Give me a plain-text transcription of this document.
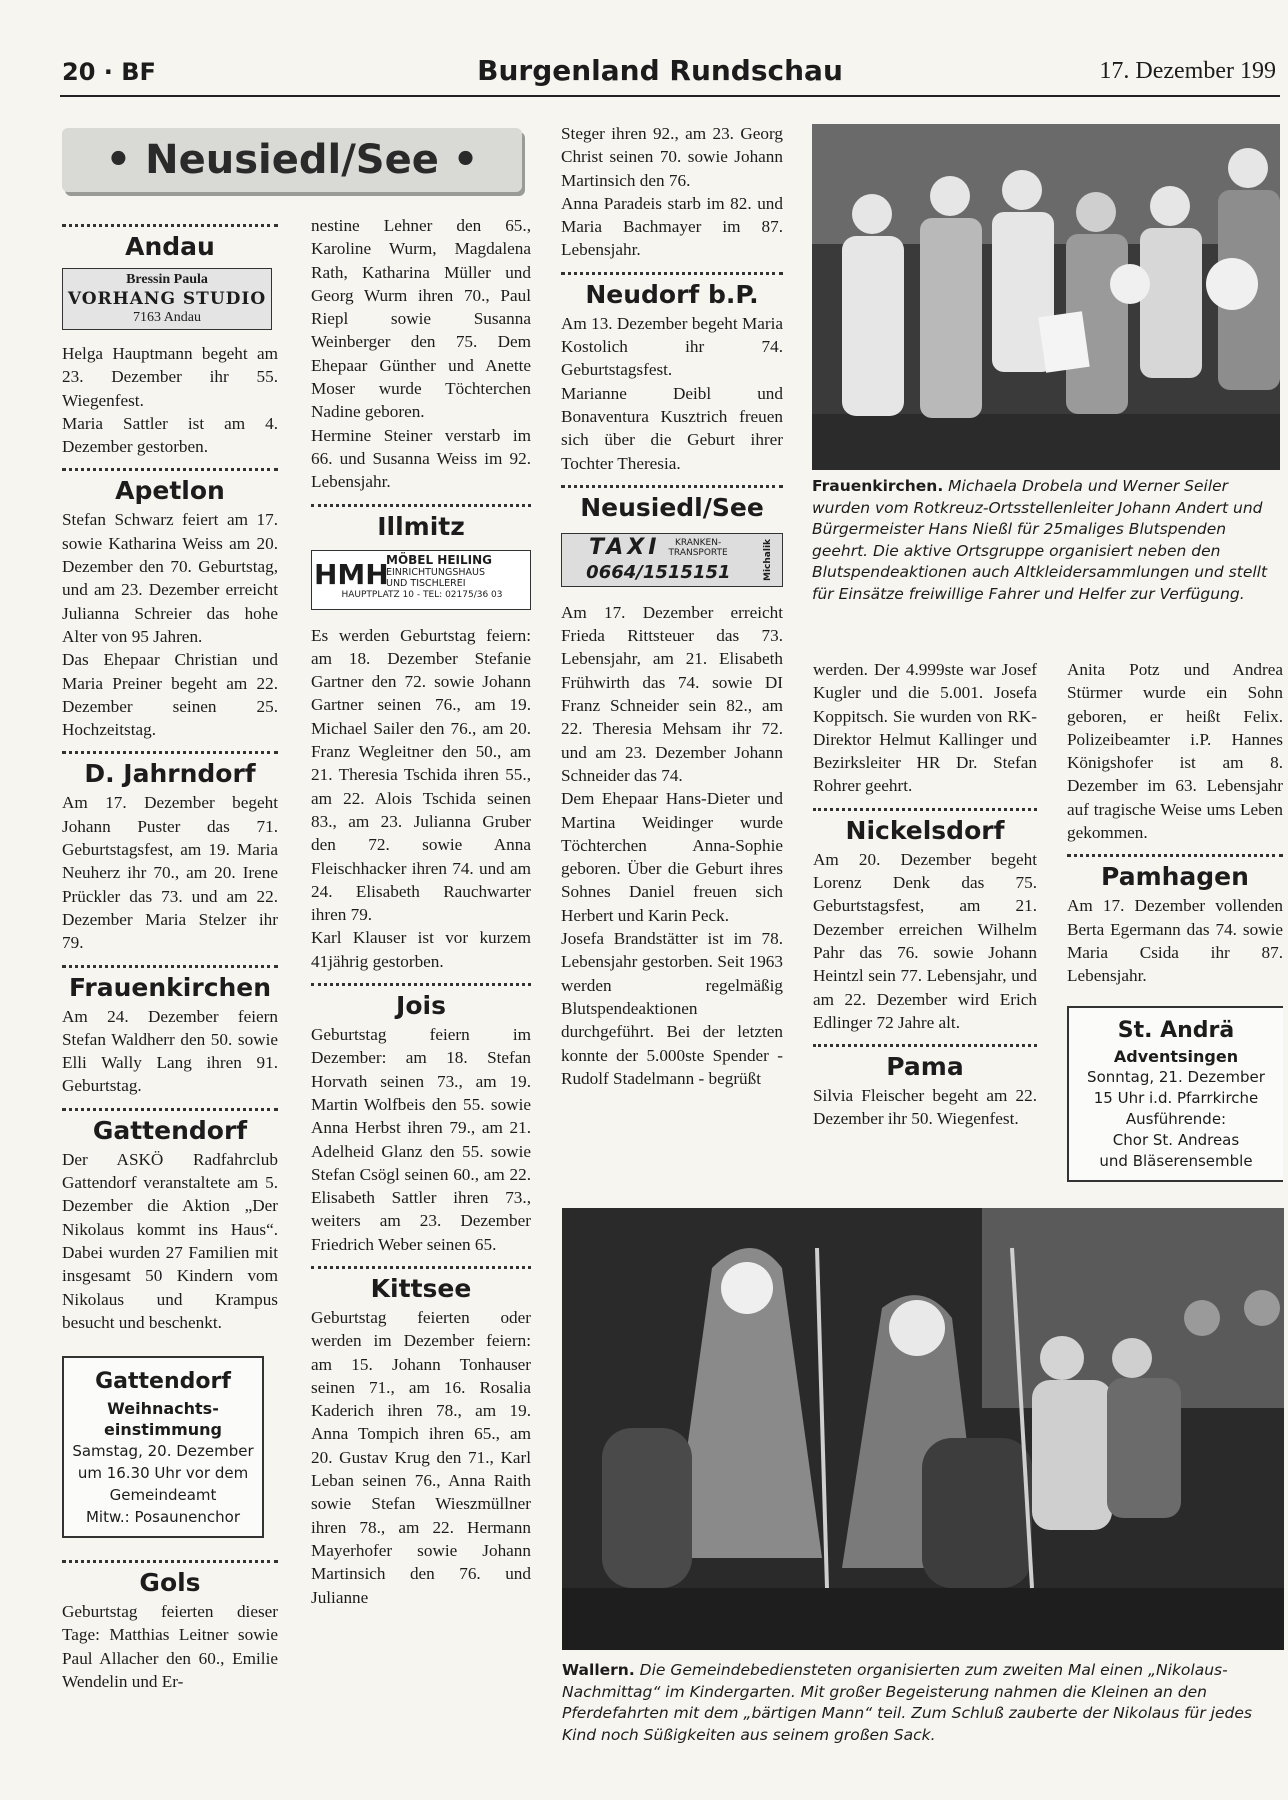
20 · BF	Burgenland Rundschau	17. Dezember 199
• Neusiedl/See •
Andau
Bressin Paula
VORHANG STUDIO
7163 Andau

Helga Hauptmann begeht am 23. Dezember ihr 55. Wiegenfest.

Maria Sattler ist am 4. Dezember gestorben.

Apetlon

Stefan Schwarz feiert am 17. sowie Katharina Weiss am 20. Dezember den 70. Geburtstag, und am 23. Dezember erreicht Julianna Schreier das hohe Alter von 95 Jahren.

Das Ehepaar Christian und Maria Preiner begeht am 22. Dezember seinen 25. Hochzeitstag.

D. Jahrndorf

Am 17. Dezember begeht Johann Puster das 71. Geburtstagsfest, am 19. Maria Neuherz ihr 70., am 20. Irene Prückler das 73. und am 22. Dezember Maria Stelzer ihr 79.

Frauenkirchen

Am 24. Dezember feiern Stefan Waldherr den 50. sowie Elli Wally Lang ihren 91. Geburtstag.

Gattendorf

Der ASKÖ Radfahrclub Gattendorf veranstaltete am 5. Dezember die Aktion „Der Nikolaus kommt ins Haus“. Dabei wurden 27 Familien mit insgesamt 50 Kindern vom Nikolaus und Krampus besucht und beschenkt.

Gattendorf
Weihnachts-
einstimmung
Samstag, 20. Dezember
um 16.30 Uhr vor dem
Gemeindeamt
Mitw.: Posaunenchor
Gols

Geburtstag feierten dieser Tage: Matthias Leitner sowie Paul Allacher den 60., Emilie Wendelin und Er-

nestine Lehner den 65., Karoline Wurm, Magdalena Rath, Katharina Müller und Georg Wurm ihren 70., Paul Riepl sowie Susanna Weinberger den 75. Dem Ehepaar Günther und Anette Moser wurde Töchterchen Nadine geboren.

Hermine Steiner verstarb im 66. und Susanna Weiss im 92. Lebensjahr.

Illmitz
HMH
MÖBEL HEILING
EINRICHTUNGSHAUS
UND TISCHLEREI
HAUPTPLATZ 10 - TEL: 02175/36 03

Es werden Geburtstag feiern: am 18. Dezember Stefanie Gartner den 72. sowie Johann Gartner seinen 76., am 19. Michael Sailer den 76., am 20. Franz Wegleitner den 50., am 21. Theresia Tschida ihren 55., am 22. Alois Tschida seinen 83., am 23. Julianna Gruber den 72. sowie Anna Fleischhacker ihren 74. und am 24. Elisabeth Rauchwarter ihren 79.

Karl Klauser ist vor kurzem 41jährig gestorben.

Jois

Geburtstag feiern im Dezember: am 18. Stefan Horvath seinen 73., am 19. Martin Wolfbeis den 55. sowie Anna Herbst ihren 79., am 21. Adelheid Glanz den 55. sowie Stefan Csögl seinen 60., am 22. Elisabeth Sattler ihren 73., weiters am 23. Dezember Friedrich Weber seinen 65.

Kittsee

Geburtstag feierten oder werden im Dezember feiern: am 15. Johann Tonhauser seinen 71., am 16. Rosalia Kaderich ihren 78., am 19. Anna Tompich ihren 65., am 20. Gustav Krug den 71., Karl Leban seinen 76., Anna Raith sowie Stefan Wieszmüllner ihren 78., am 22. Hermann Mayerhofer sowie Johann Martinsich den 76. und Julianne

Steger ihren 92., am 23. Georg Christ seinen 70. sowie Johann Martinsich den 76.

Anna Paradeis starb im 82. und Maria Bachmayer im 87. Lebensjahr.

Neudorf b.P.

Am 13. Dezember begeht Maria Kostolich ihr 74. Geburtstagsfest.

Marianne Deibl und Bonaventura Kusztrich freuen sich über die Geburt ihrer Tochter Theresia.

Neusiedl/See
TAXI	KRANKEN-
TRANSPORTE
0664/1515151	Michalik

Am 17. Dezember erreicht Frieda Rittsteuer das 73. Lebensjahr, am 21. Elisabeth Frühwirth das 74. sowie DI Franz Schneider sein 82., am 22. Theresia Mehsam ihr 72. und am 23. Dezember Johann Schneider das 74.

Dem Ehepaar Hans-Dieter und Martina Weidinger wurde Töchterchen Anna-Sophie geboren. Über die Geburt ihres Sohnes Daniel freuen sich Herbert und Karin Peck.

Josefa Brandstätter ist im 78. Lebensjahr gestorben. Seit 1963 werden regelmäßig Blutspendeaktionen durchgeführt. Bei der letzten konnte der 5.000ste Spender - Rudolf Stadelmann - begrüßt

Frauenkirchen. Michaela Drobela und Werner Seiler wurden vom Rotkreuz-Ortsstellenleiter Johann Andert und Bürgermeister Hans Nießl für 25maliges Blutspenden geehrt. Die aktive Ortsgruppe organisiert neben den Blutspendeaktionen auch Altkleidersammlungen und stellt für Einsätze freiwillige Fahrer und Helfer zur Verfügung.

werden. Der 4.999ste war Josef Kugler und die 5.001. Josefa Koppitsch. Sie wurden von RK-Direktor Helmut Kallinger und Bezirksleiter HR Dr. Stefan Rohrer geehrt.

Nickelsdorf

Am 20. Dezember begeht Lorenz Denk das 75. Geburtstagsfest, am 21. Dezember erreichen Wilhelm Pahr das 76. sowie Johann Heintzl sein 77. Lebensjahr, und am 22. Dezember wird Erich Edlinger 72 Jahre alt.

Pama

Silvia Fleischer begeht am 22. Dezember ihr 50. Wiegenfest.

Anita Potz und Andrea Stürmer wurde ein Sohn geboren, er heißt Felix. Polizeibeamter i.P. Hannes Königshofer ist am 8. Dezember im 63. Lebensjahr auf tragische Weise ums Leben gekommen.

Pamhagen

Am 17. Dezember vollenden Berta Egermann das 74. sowie Maria Csida ihr 87. Lebensjahr.

St. Andrä
Adventsingen
Sonntag, 21. Dezember
15 Uhr i.d. Pfarrkirche
Ausführende:
Chor St. Andreas
und Bläserensemble
Wallern. Die Gemeindebediensteten organisierten zum zweiten Mal einen „Nikolaus-Nachmittag“ im Kindergarten. Mit großer Begeisterung nahmen die Kleinen an den Pferdefahrten mit dem „bärtigen Mann“ teil. Zum Schluß zauberte der Nikolaus für jedes Kind noch Süßigkeiten aus seinem großen Sack.
